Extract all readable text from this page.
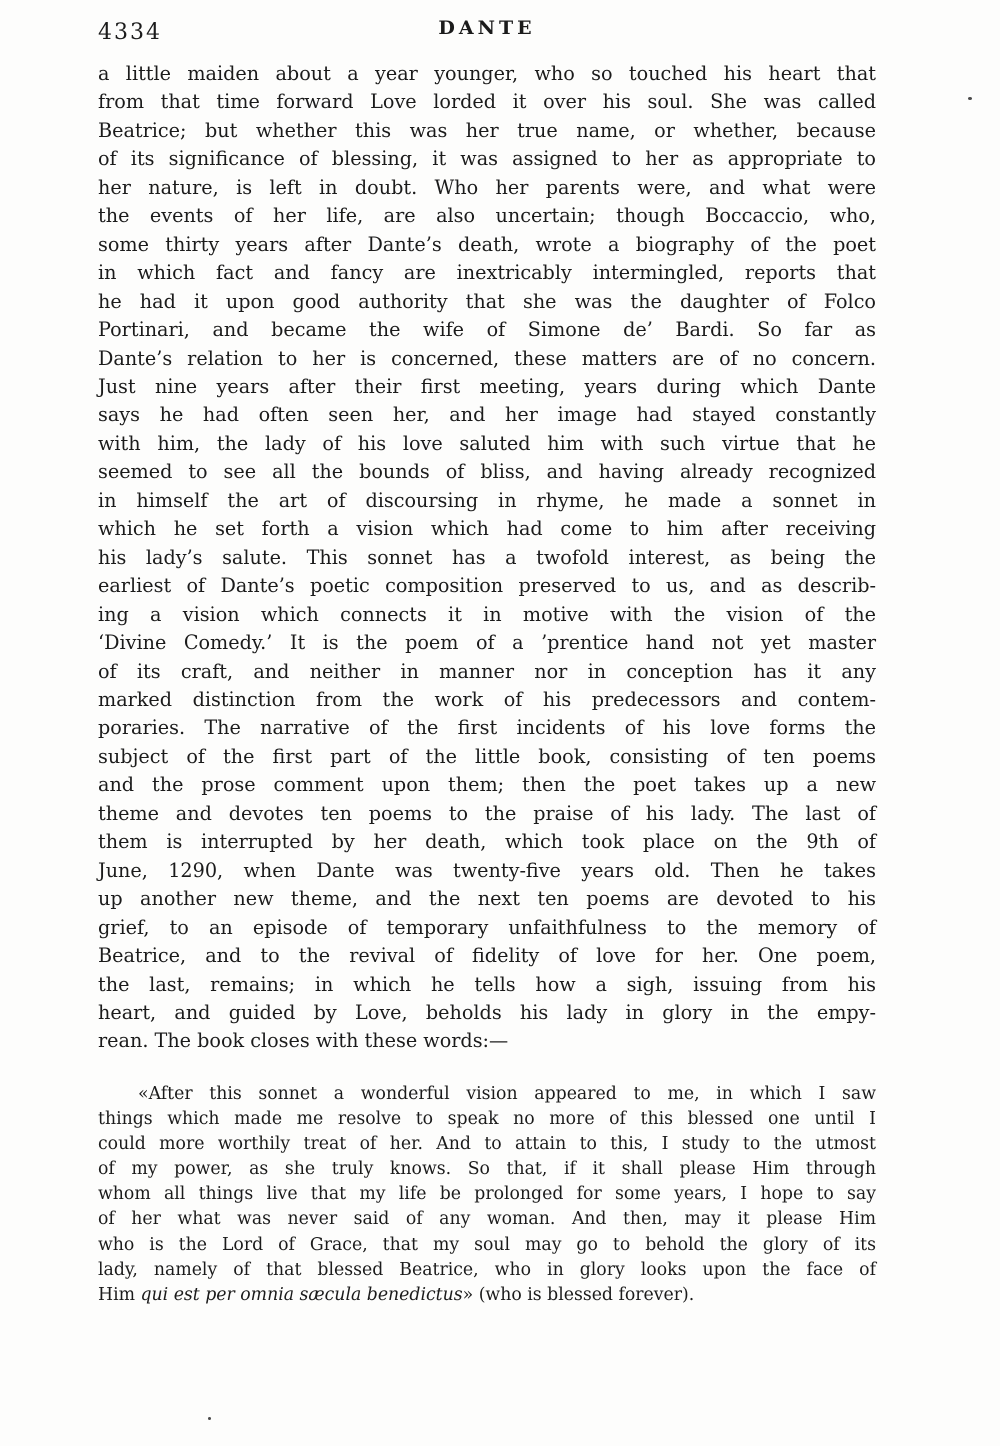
4334	DANTE
a little maiden about a year younger, who so touched his heart that
from that time forward Love lorded it over his soul. She was called
Beatrice; but whether this was her true name, or whether, because
of its significance of blessing, it was assigned to her as appropriate to
her nature, is left in doubt. Who her parents were, and what were
the events of her life, are also uncertain; though Boccaccio, who,
some thirty years after Dante’s death, wrote a biography of the poet
in which fact and fancy are inextricably intermingled, reports that
he had it upon good authority that she was the daughter of Folco
Portinari, and became the wife of Simone de’ Bardi. So far as
Dante’s relation to her is concerned, these matters are of no concern.
Just nine years after their first meeting, years during which Dante
says he had often seen her, and her image had stayed constantly
with him, the lady of his love saluted him with such virtue that he
seemed to see all the bounds of bliss, and having already recognized
in himself the art of discoursing in rhyme, he made a sonnet in
which he set forth a vision which had come to him after receiving
his lady’s salute. This sonnet has a twofold interest, as being the
earliest of Dante’s poetic composition preserved to us, and as describ-
ing a vision which connects it in motive with the vision of the
‘Divine Comedy.’ It is the poem of a ’prentice hand not yet master
of its craft, and neither in manner nor in conception has it any
marked distinction from the work of his predecessors and contem-
poraries. The narrative of the first incidents of his love forms the
subject of the first part of the little book, consisting of ten poems
and the prose comment upon them; then the poet takes up a new
theme and devotes ten poems to the praise of his lady. The last of
them is interrupted by her death, which took place on the 9th of
June, 1290, when Dante was twenty-five years old. Then he takes
up another new theme, and the next ten poems are devoted to his
grief, to an episode of temporary unfaithfulness to the memory of
Beatrice, and to the revival of fidelity of love for her. One poem,
the last, remains; in which he tells how a sigh, issuing from his
heart, and guided by Love, beholds his lady in glory in the empy-
rean. The book closes with these words:—
«After this sonnet a wonderful vision appeared to me, in which I saw
things which made me resolve to speak no more of this blessed one until I
could more worthily treat of her. And to attain to this, I study to the utmost
of my power, as she truly knows. So that, if it shall please Him through
whom all things live that my life be prolonged for some years, I hope to say
of her what was never said of any woman. And then, may it please Him
who is the Lord of Grace, that my soul may go to behold the glory of its
lady, namely of that blessed Beatrice, who in glory looks upon the face of
Him qui est per omnia sæcula benedictus» (who is blessed forever).
